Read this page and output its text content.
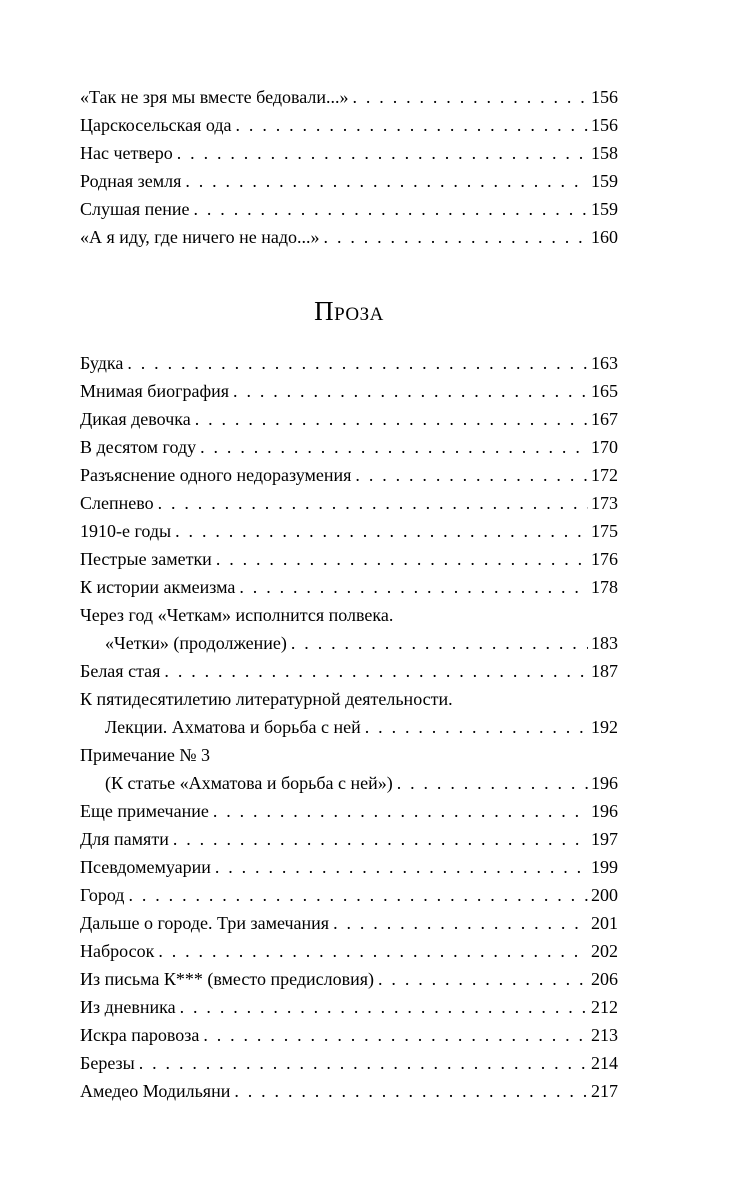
«Так не зря мы вместе бедовали...» . . .	156
Царскосельская ода . . .	156
Нас четверо . . .	158
Родная земля . . .	159
Слушая пение . . .	159
«А я иду, где ничего не надо...» . . .	160
Проза
Будка . . .	163
Мнимая биография . . .	165
Дикая девочка . . .	167
В десятом году . . .	170
Разъяснение одного недоразумения . . .	172
Слепнево . . .	173
1910-е годы . . .	175
Пестрые заметки . . .	176
К истории акмеизма . . .	178
Через год «Четкам» исполнится полвека.
«Четки» (продолжение) . . .	183
Белая стая . . .	187
К пятидесятилетию литературной деятельности.
Лекции. Ахматова и борьба с ней . . .	192
Примечание № 3
(К статье «Ахматова и борьба с ней») . . .	196
Еще примечание . . .	196
Для памяти . . .	197
Псевдомемуарии . . .	199
Город . . .	200
Дальше о городе. Три замечания . . .	201
Набросок . . .	202
Из письма К*** (вместо предисловия) . . .	206
Из дневника . . .	212
Искра паровоза . . .	213
Березы . . .	214
Амедео Модильяни . . .	217
